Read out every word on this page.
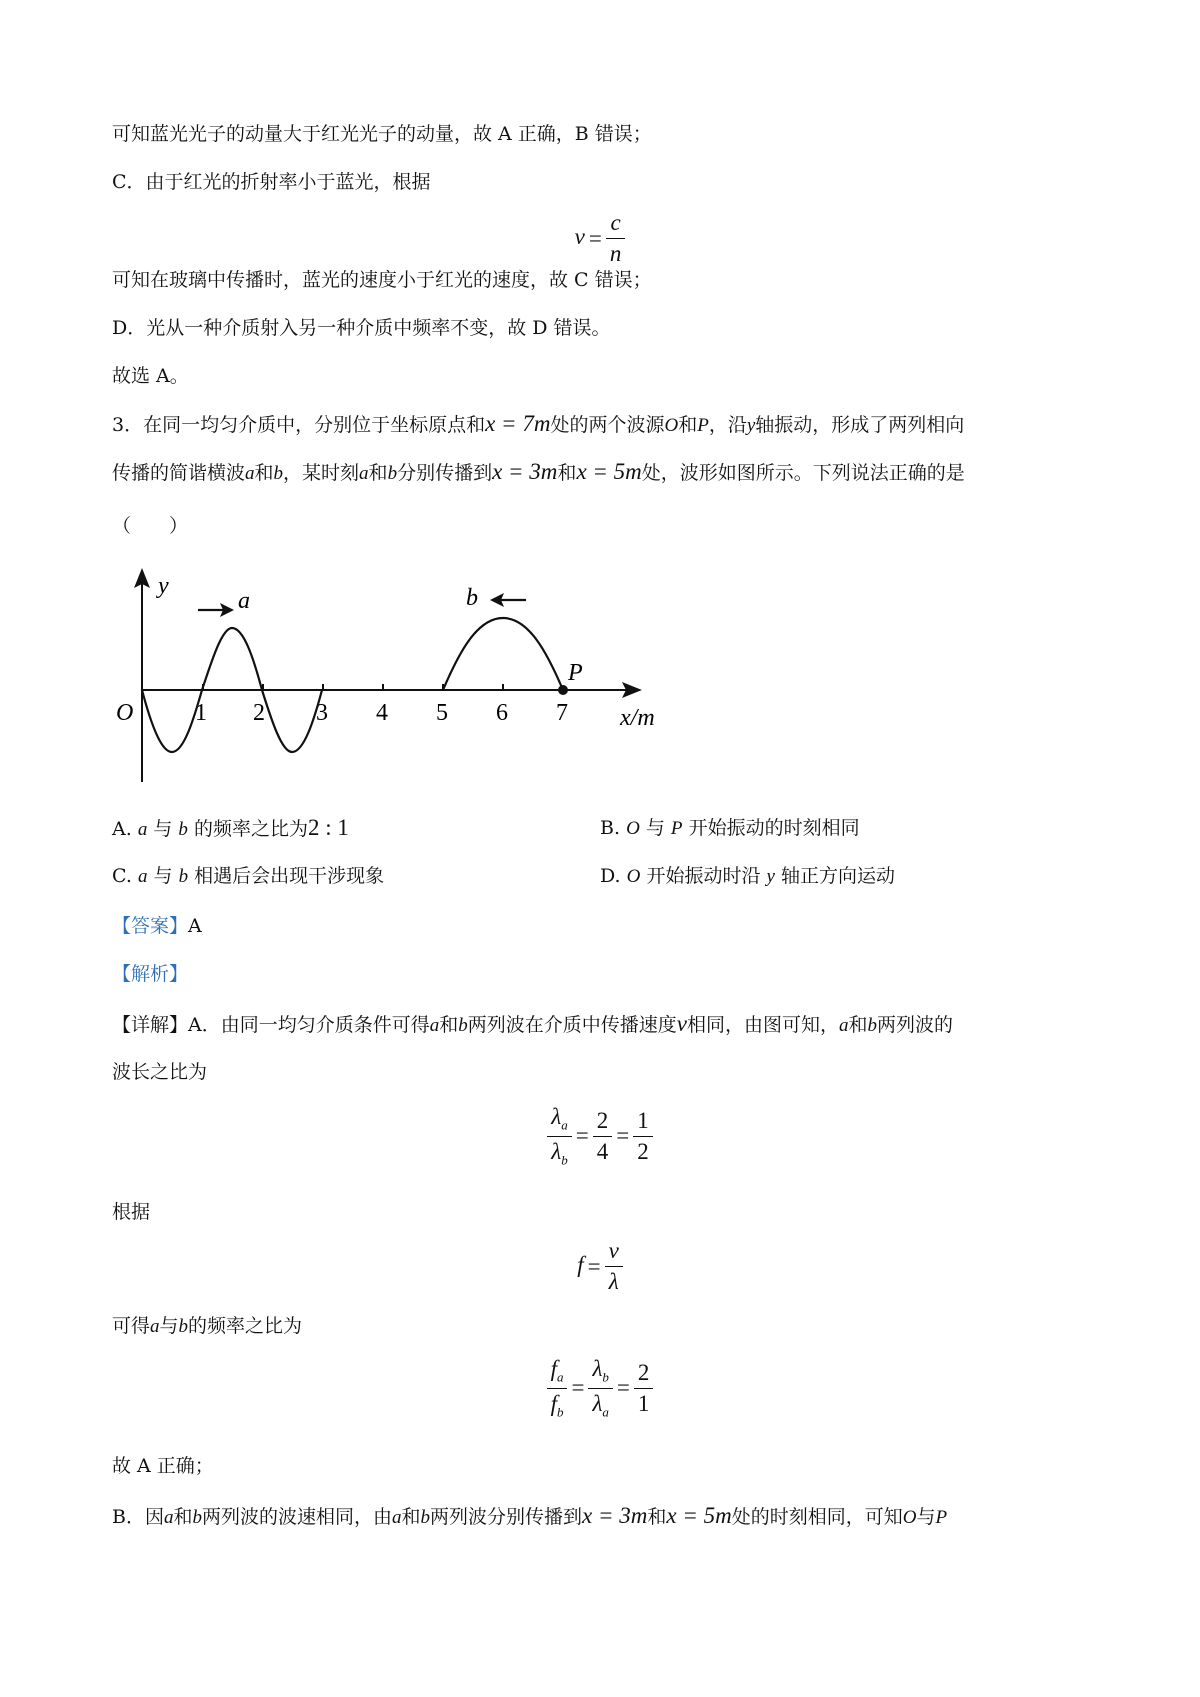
可知蓝光光子的动量大于红光光子的动量，故 A 正确，B 错误；
C．由于红光的折射率小于蓝光，根据
$v = \frac{c}{n}$
可知在玻璃中传播时，蓝光的速度小于红光的速度，故 C 错误；
D．光从一种介质射入另一种介质中频率不变，故 D 错误。
故选 A。
3．在同一均匀介质中，分别位于坐标原点和x = 7m处的两个波源O和P，沿y轴振动，形成了两列相向
传播的简谐横波a和b，某时刻a和b分别传播到x = 3m和x = 5m处，波形如图所示。下列说法正确的是
（　　）
y
x/m
O	1 2 3 4 5 6 7
P
a	b
A. a 与 b 的频率之比为2 : 1	B. O 与 P 开始振动的时刻相同
C. a 与 b 相遇后会出现干涉现象	D. O 开始振动时沿 y 轴正方向运动
【答案】A
【解析】
【详解】A．由同一均匀介质条件可得a和b两列波在介质中传播速度v相同，由图可知，a和b两列波的
波长之比为
$\frac{\lambda_a}{\lambda_b} = \frac{2}{4} = \frac{1}{2}$
根据
$f = \frac{v}{\lambda}$
可得a与b的频率之比为
$\frac{f_a}{f_b} = \frac{\lambda_b}{\lambda_a} = \frac{2}{1}$
故 A 正确；
B．因a和b两列波的波速相同，由a和b两列波分别传播到x = 3m和x = 5m处的时刻相同，可知O与P
